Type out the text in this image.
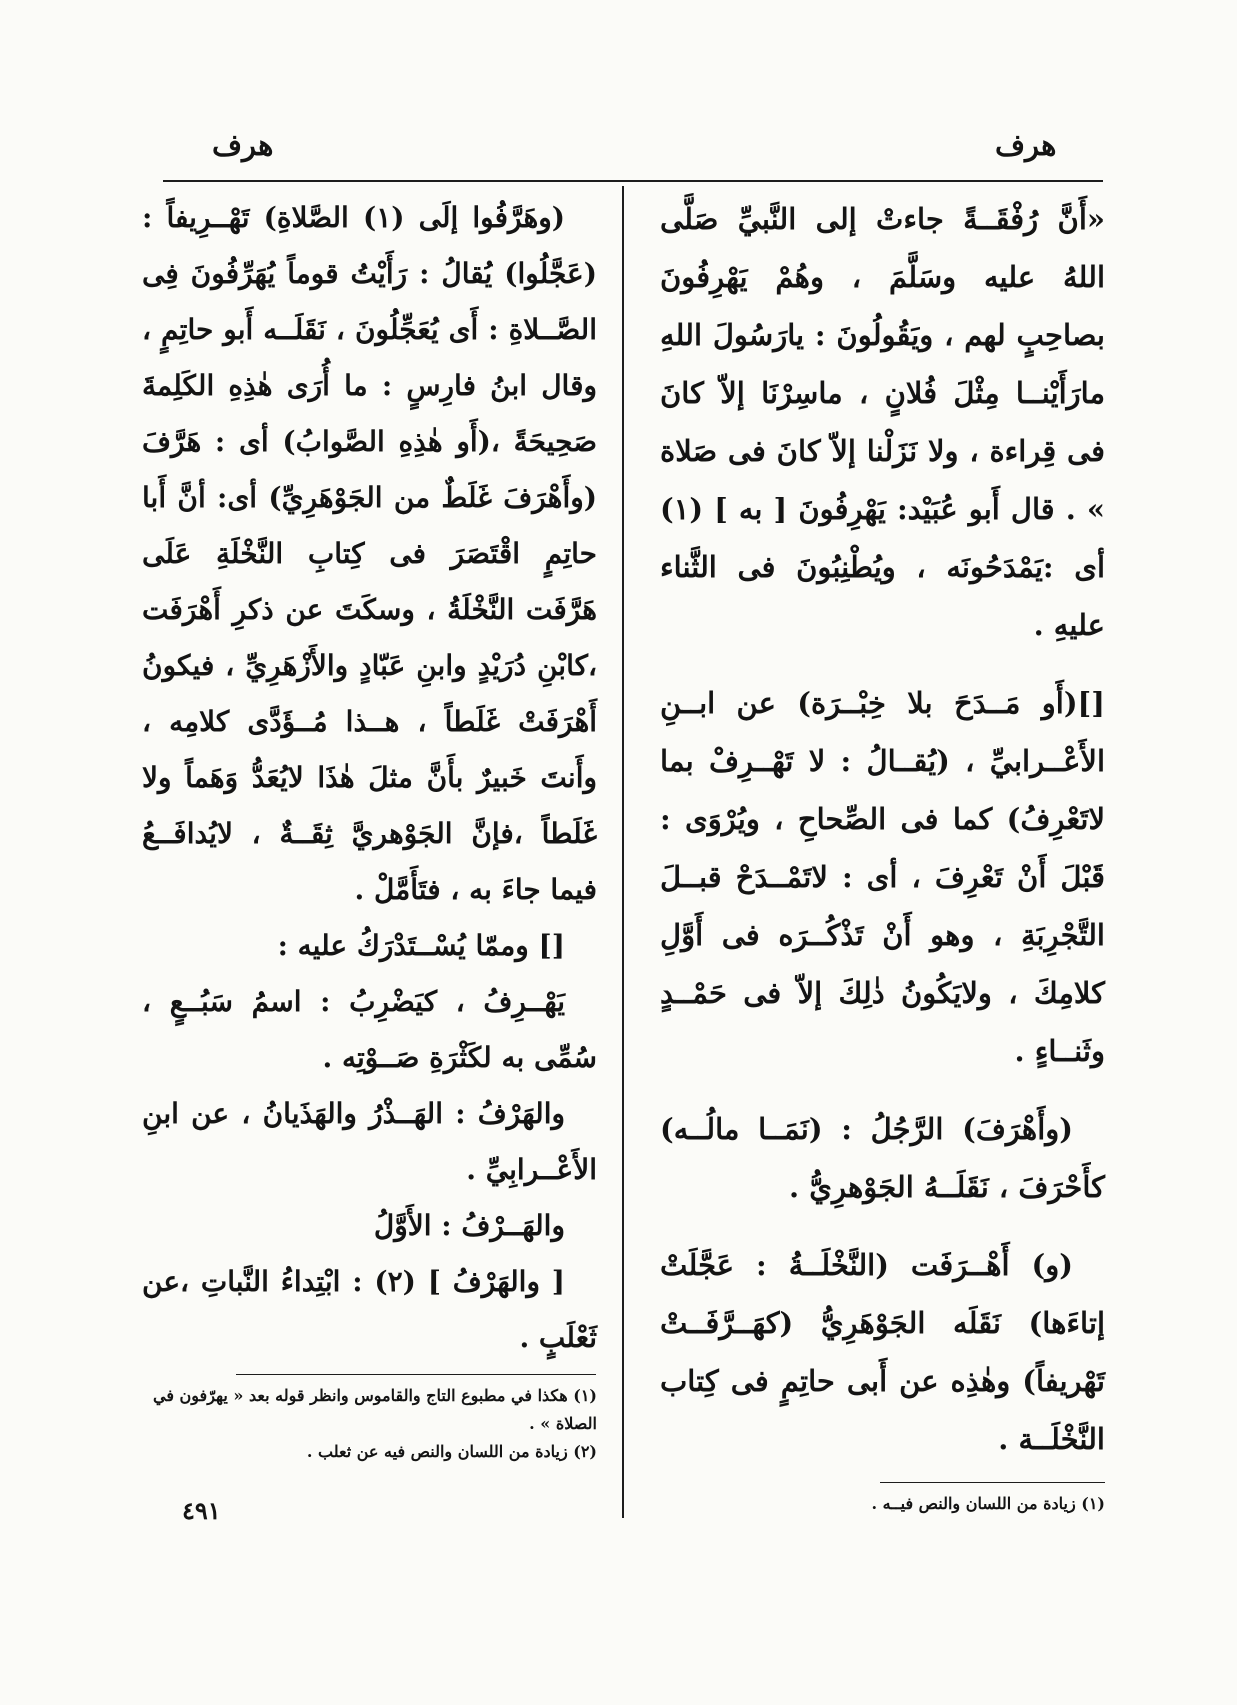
هرف
هرف

«أَنَّ رُفْقَــةً جاءتْ إلى النَّبيِّ صَلَّى اللهُ عليه وسَلَّمَ ، وهُمْ يَهْرِفُونَ بصاحِبٍ لهم ، ويَقُولُونَ : يارَسُولَ اللهِ مارَأَيْنــا مِثْلَ فُلانٍ ، ماسِرْنَا إلاّ كانَ فى قِراءة ، ولا نَزَلْنا إلاّ كانَ فى صَلاة » . قال أَبو عُبَيْد: يَهْرِفُونَ [ به ] (١) أى :يَمْدَحُونَه ، ويُطْنِبُونَ فى الثَّناء عليهِ .

[]‌(أَو مَــدَحَ بلا خِبْــرَة) عن ابــنِ الأَعْــرابيِّ ، (يُقــالُ : لا تَهْــرِفْ بما لاتَعْرِفُ) كما فى الصِّحاحِ ، ويُرْوَى : قَبْلَ أَنْ تَعْرِفَ ، أى : لاتَمْــدَحْ قبــلَ التَّجْرِبَةِ ، وهو أَنْ تَذْكُــرَه فى أَوَّلِ كلامِكَ ، ولايَكُونُ ذٰلِكَ إلاّ فى حَمْــدٍ وثَنــاءٍ .

(وأَهْرَفَ) الرَّجُلُ : (نَمَــا مالُــه) كأَحْرَفَ ، نَقَلَــهُ الجَوْهرِيُّ .

(و) أَهْــرَفَت (النَّخْلَــةُ : عَجَّلَتْ إتاءَها) نَقَلَه الجَوْهَرِيُّ (كهَــرَّفَــتْ تَهْريفاً) وهٰذِه عن أَبى حاتِمٍ فى كِتاب النَّخْلَــة .

(وهَرَّفُوا إلَى (١) الصَّلاةِ) تَهْــرِيفاً : (عَجَّلُوا) يُقالُ : رَأَيْتُ قوماً يُهَرِّفُونَ فِى الصَّــلاةِ : أَى يُعَجِّلُونَ ، نَقَلَــه أَبو حاتِمٍ ، وقال ابنُ فارِسٍ : ما أُرَى هٰذِهِ الكَلِمةَ صَحِيحَةً ،(أَو هٰذِهِ الصَّوابُ) أى : هَرَّفَ (وأَهْرَفَ غَلَطٌ من الجَوْهَرِيِّ) أى: أنَّ أَبا حاتِمٍ اقْتَصَرَ فى كِتابِ النَّخْلَةِ عَلَى هَرَّفَت النَّخْلَةُ ، وسكَتَ عن ذكرِ أَهْرَفَت ،كابْنِ دُرَيْدٍ وابنِ عَبّادٍ والأَزْهَرِيِّ ، فيكونُ أَهْرَفَتْ غَلَطاً ، هــذا مُــؤَدَّى كلامِه ، وأَنتَ خَبيرٌ بأَنَّ مثلَ هٰذَا لايُعَدُّ وَهَماً ولا غَلَطاً ،فإنَّ الجَوْهريَّ ثِقَــةٌ ، لايُدافَــعُ فيما جاءَ به ، فتَأَمَّلْ .

[] وممّا يُسْــتَدْرَكُ عليه :

يَهْــرِفُ ، كيَضْرِبُ : اسمُ سَبُــعٍ ، سُمِّى به لكَثْرَةِ صَــوْتِه .

والهَرْفُ : الهَــذْرُ والهَذَيانُ ، عن ابنِ الأَعْــرابِيِّ .

والهَــرْفُ : الأَوَّلُ

[ والهَرْفُ ] (٢) : ابْتِداءُ النَّباتِ ،عن ثَعْلَبٍ .

(١) هكذا في مطبوع التاج والقاموس وانظر قوله بعد « يهرّفون في الصلاة » .
(٢) زيادة من اللسان والنص فيه عن ثعلب .
(١) زيادة من اللسان والنص فيــه .
٤٩١
